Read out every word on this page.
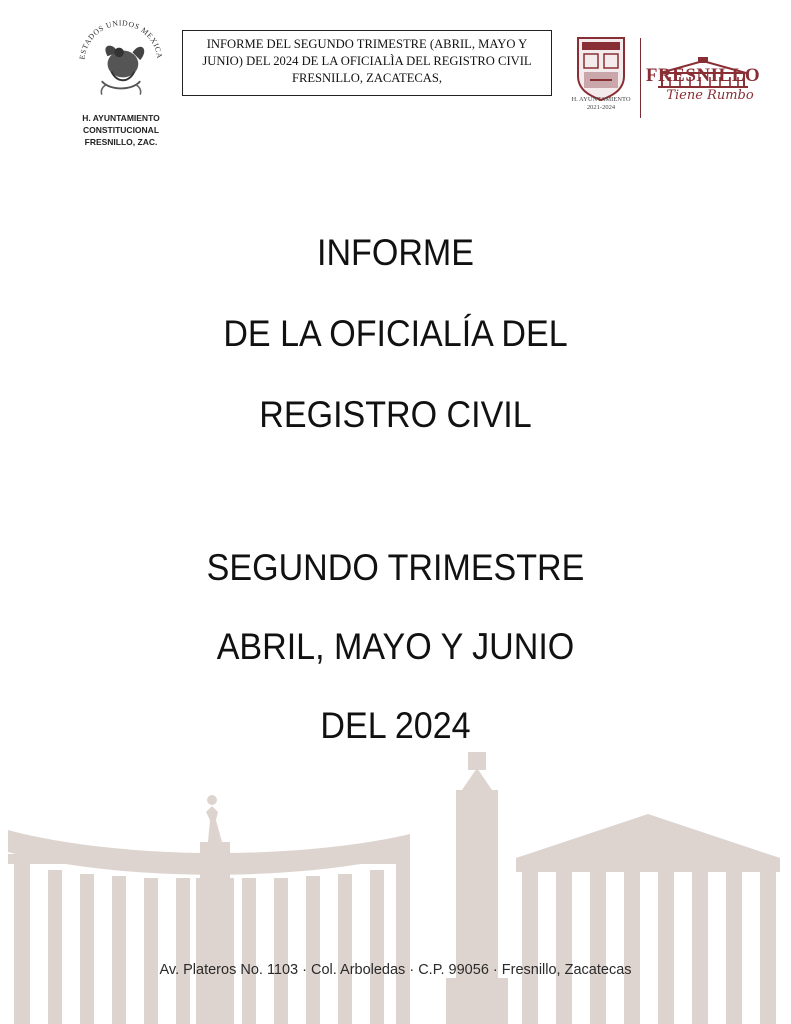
ESTADOS UNIDOS MEXICA
H. AYUNTAMIENTO
CONSTITUCIONAL
FRESNILLO, ZAC.
INFORME DEL SEGUNDO TRIMESTRE (ABRIL, MAYO Y JUNIO) DEL 2024 DE LA OFICIALÌA DEL REGISTRO CIVIL FRESNILLO, ZACATECAS,
H. AYUNTAMIENTO
2021-2024
FRESNILLO
Tiene Rumbo
INFORME
DE LA OFICIALÍA DEL
REGISTRO CIVIL
SEGUNDO TRIMESTRE
ABRIL, MAYO Y JUNIO
DEL 2024
Av. Plateros No. 1103 · Col. Arboledas · C.P. 99056 · Fresnillo, Zacatecas
